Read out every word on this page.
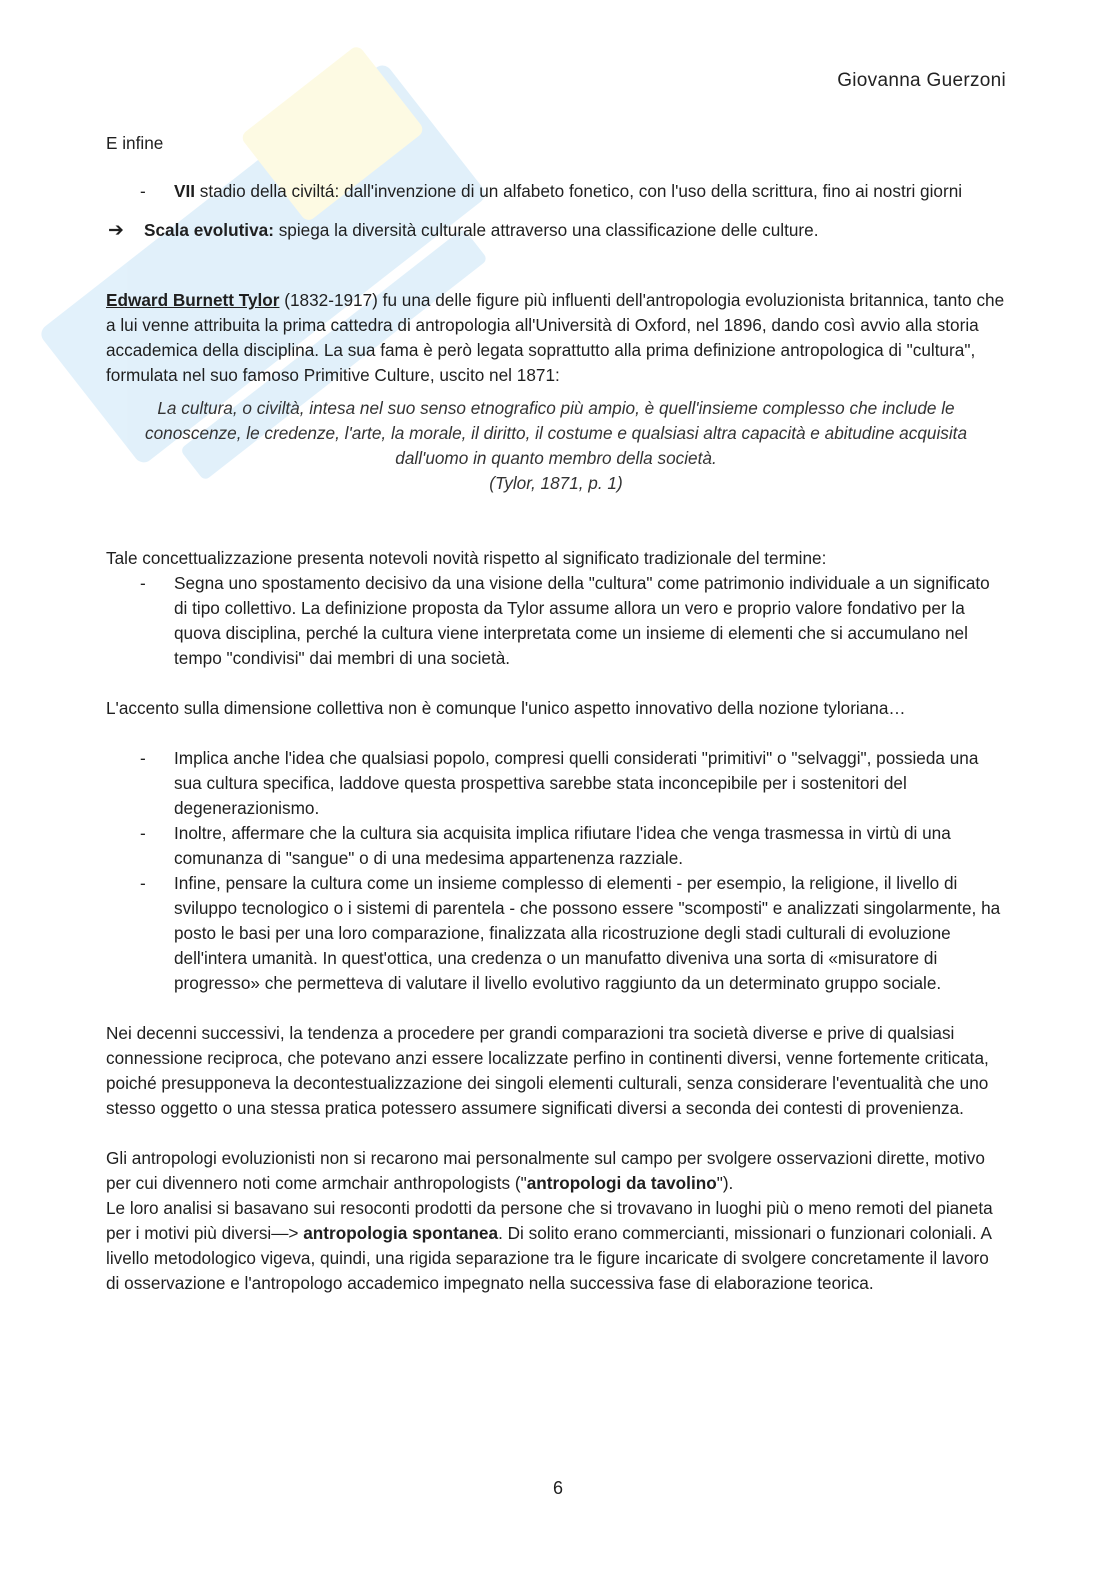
Giovanna Guerzoni

E infine

- VII stadio della civiltá: dall'invenzione di un alfabeto fonetico, con l'uso della scrittura, fino ai nostri giorni

➔ Scala evolutiva: spiega la diversità culturale attraverso una classificazione delle culture.

Edward Burnett Tylor (1832-1917) fu una delle figure più influenti dell'antropologia evoluzionista britannica, tanto che a lui venne attribuita la prima cattedra di antropologia all'Università di Oxford, nel 1896, dando così avvio alla storia accademica della disciplina. La sua fama è però legata soprattutto alla prima definizione antropologica di "cultura", formulata nel suo famoso Primitive Culture, uscito nel 1871:

La cultura, o civiltà, intesa nel suo senso etnografico più ampio, è quell'insieme complesso che include le conoscenze, le credenze, l'arte, la morale, il diritto, il costume e qualsiasi altra capacità e abitudine acquisita dall'uomo in quanto membro della società.

(Tylor, 1871, p. 1)

Tale concettualizzazione presenta notevoli novità rispetto al significato tradizionale del termine:

- Segna uno spostamento decisivo da una visione della "cultura" come patrimonio individuale a un significato di tipo collettivo. La definizione proposta da Tylor assume allora un vero e proprio valore fondativo per la quova disciplina, perché la cultura viene interpretata come un insieme di elementi che si accumulano nel tempo "condivisi" dai membri di una società.

L'accento sulla dimensione collettiva non è comunque l'unico aspetto innovativo della nozione tyloriana…

- Implica anche l'idea che qualsiasi popolo, compresi quelli considerati "primitivi" o "selvaggi", possieda una sua cultura specifica, laddove questa prospettiva sarebbe stata inconcepibile per i sostenitori del degenerazionismo.
- Inoltre, affermare che la cultura sia acquisita implica rifiutare l'idea che venga trasmessa in virtù di una comunanza di "sangue" o di una medesima appartenenza razziale.
- Infine, pensare la cultura come un insieme complesso di elementi - per esempio, la religione, il livello di sviluppo tecnologico o i sistemi di parentela - che possono essere "scomposti" e analizzati singolarmente, ha posto le basi per una loro comparazione, finalizzata alla ricostruzione degli stadi culturali di evoluzione dell'intera umanità. In quest'ottica, una credenza o un manufatto diveniva una sorta di «misuratore di progresso» che permetteva di valutare il livello evolutivo raggiunto da un determinato gruppo sociale.

Nei decenni successivi, la tendenza a procedere per grandi comparazioni tra società diverse e prive di qualsiasi connessione reciproca, che potevano anzi essere localizzate perfino in continenti diversi, venne fortemente criticata, poiché presupponeva la decontestualizzazione dei singoli elementi culturali, senza considerare l'eventualità che uno stesso oggetto o una stessa pratica potessero assumere significati diversi a seconda dei contesti di provenienza.

Gli antropologi evoluzionisti non si recarono mai personalmente sul campo per svolgere osservazioni dirette, motivo per cui divennero noti come armchair anthropologists ("antropologi da tavolino").
Le loro analisi si basavano sui resoconti prodotti da persone che si trovavano in luoghi più o meno remoti del pianeta per i motivi più diversi—> antropologia spontanea. Di solito erano commercianti, missionari o funzionari coloniali. A livello metodologico vigeva, quindi, una rigida separazione tra le figure incaricate di svolgere concretamente il lavoro di osservazione e l'antropologo accademico impegnato nella successiva fase di elaborazione teorica.

6
